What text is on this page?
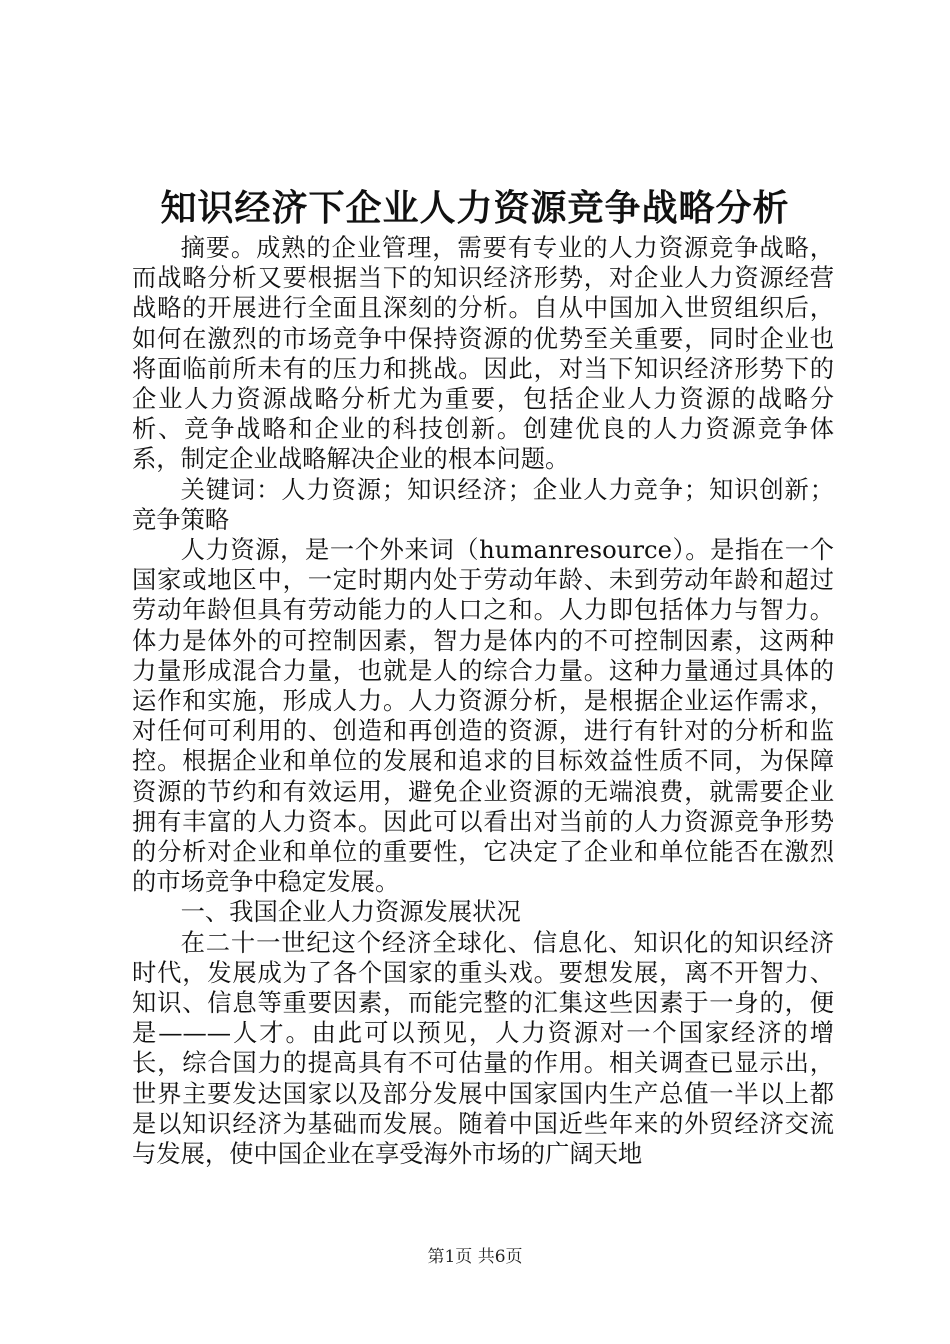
知识经济下企业人力资源竞争战略分析

摘要。成熟的企业管理，需要有专业的人力资源竞争战略，而战略分析又要根据当下的知识经济形势，对企业人力资源经营战略的开展进行全面且深刻的分析。自从中国加入世贸组织后，如何在激烈的市场竞争中保持资源的优势至关重要，同时企业也将面临前所未有的压力和挑战。因此，对当下知识经济形势下的企业人力资源战略分析尤为重要，包括企业人力资源的战略分析、竞争战略和企业的科技创新。创建优良的人力资源竞争体系，制定企业战略解决企业的根本问题。

关键词：人力资源；知识经济；企业人力竞争；知识创新；竞争策略

人力资源，是一个外来词（humanresource）。是指在一个国家或地区中，一定时期内处于劳动年龄、未到劳动年龄和超过劳动年龄但具有劳动能力的人口之和。人力即包括体力与智力。体力是体外的可控制因素，智力是体内的不可控制因素，这两种力量形成混合力量，也就是人的综合力量。这种力量通过具体的运作和实施，形成人力。人力资源分析，是根据企业运作需求，对任何可利用的、创造和再创造的资源，进行有针对的分析和监控。根据企业和单位的发展和追求的目标效益性质不同，为保障资源的节约和有效运用，避免企业资源的无端浪费，就需要企业拥有丰富的人力资本。因此可以看出对当前的人力资源竞争形势的分析对企业和单位的重要性，它决定了企业和单位能否在激烈的市场竞争中稳定发展。

一、我国企业人力资源发展状况

在二十一世纪这个经济全球化、信息化、知识化的知识经济时代，发展成为了各个国家的重头戏。要想发展，离不开智力、知识、信息等重要因素，而能完整的汇集这些因素于一身的，便是———人才。由此可以预见，人力资源对一个国家经济的增长，综合国力的提高具有不可估量的作用。相关调查已显示出，世界主要发达国家以及部分发展中国家国内生产总值一半以上都是以知识经济为基础而发展。随着中国近些年来的外贸经济交流与发展，使中国企业在享受海外市场的广阔天地

第1页 共6页
